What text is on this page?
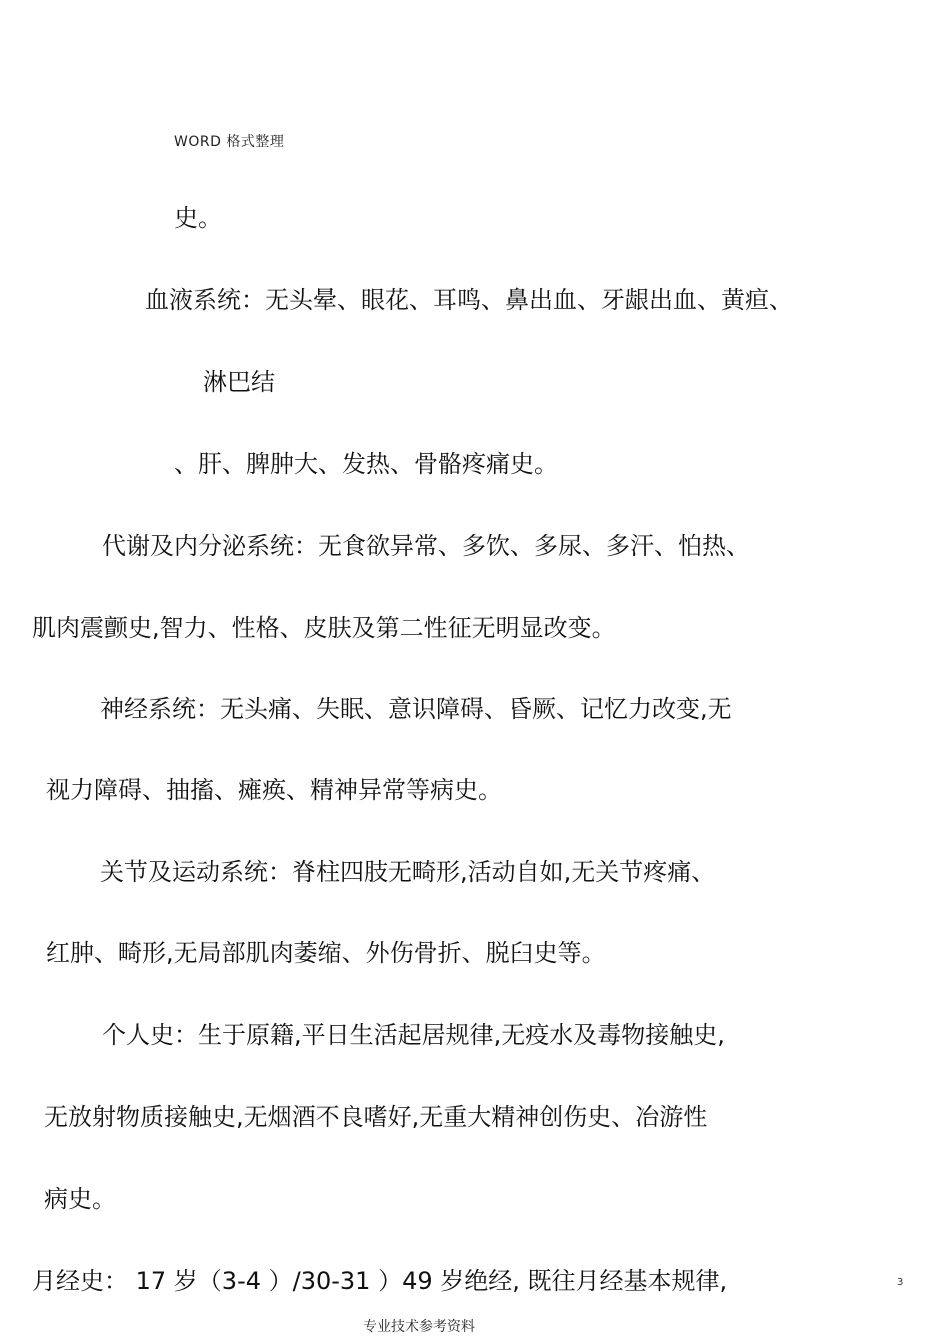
WORD 格式整理
史。
血液系统：无头晕、眼花、耳鸣、鼻出血、牙龈出血、黄疸、
淋巴结
、肝、脾肿大、发热、骨骼疼痛史。
代谢及内分泌系统：无食欲异常、多饮、多尿、多汗、怕热、
肌肉震颤史,智力、性格、皮肤及第二性征无明显改变。
神经系统：无头痛、失眠、意识障碍、昏厥、记忆力改变,无
视力障碍、抽搐、瘫痪、精神异常等病史。
关节及运动系统：脊柱四肢无畸形,活动自如,无关节疼痛、
红肿、畸形,无局部肌肉萎缩、外伤骨折、脱臼史等。
个人史：生于原籍,平日生活起居规律,无疫水及毒物接触史,
无放射物质接触史,无烟酒不良嗜好,无重大精神创伤史、冶游性
病史。
月经史： 17 岁（3-4 ）/30-31 ）49 岁绝经, 既往月经基本规律,	3
专业技术参考资料
